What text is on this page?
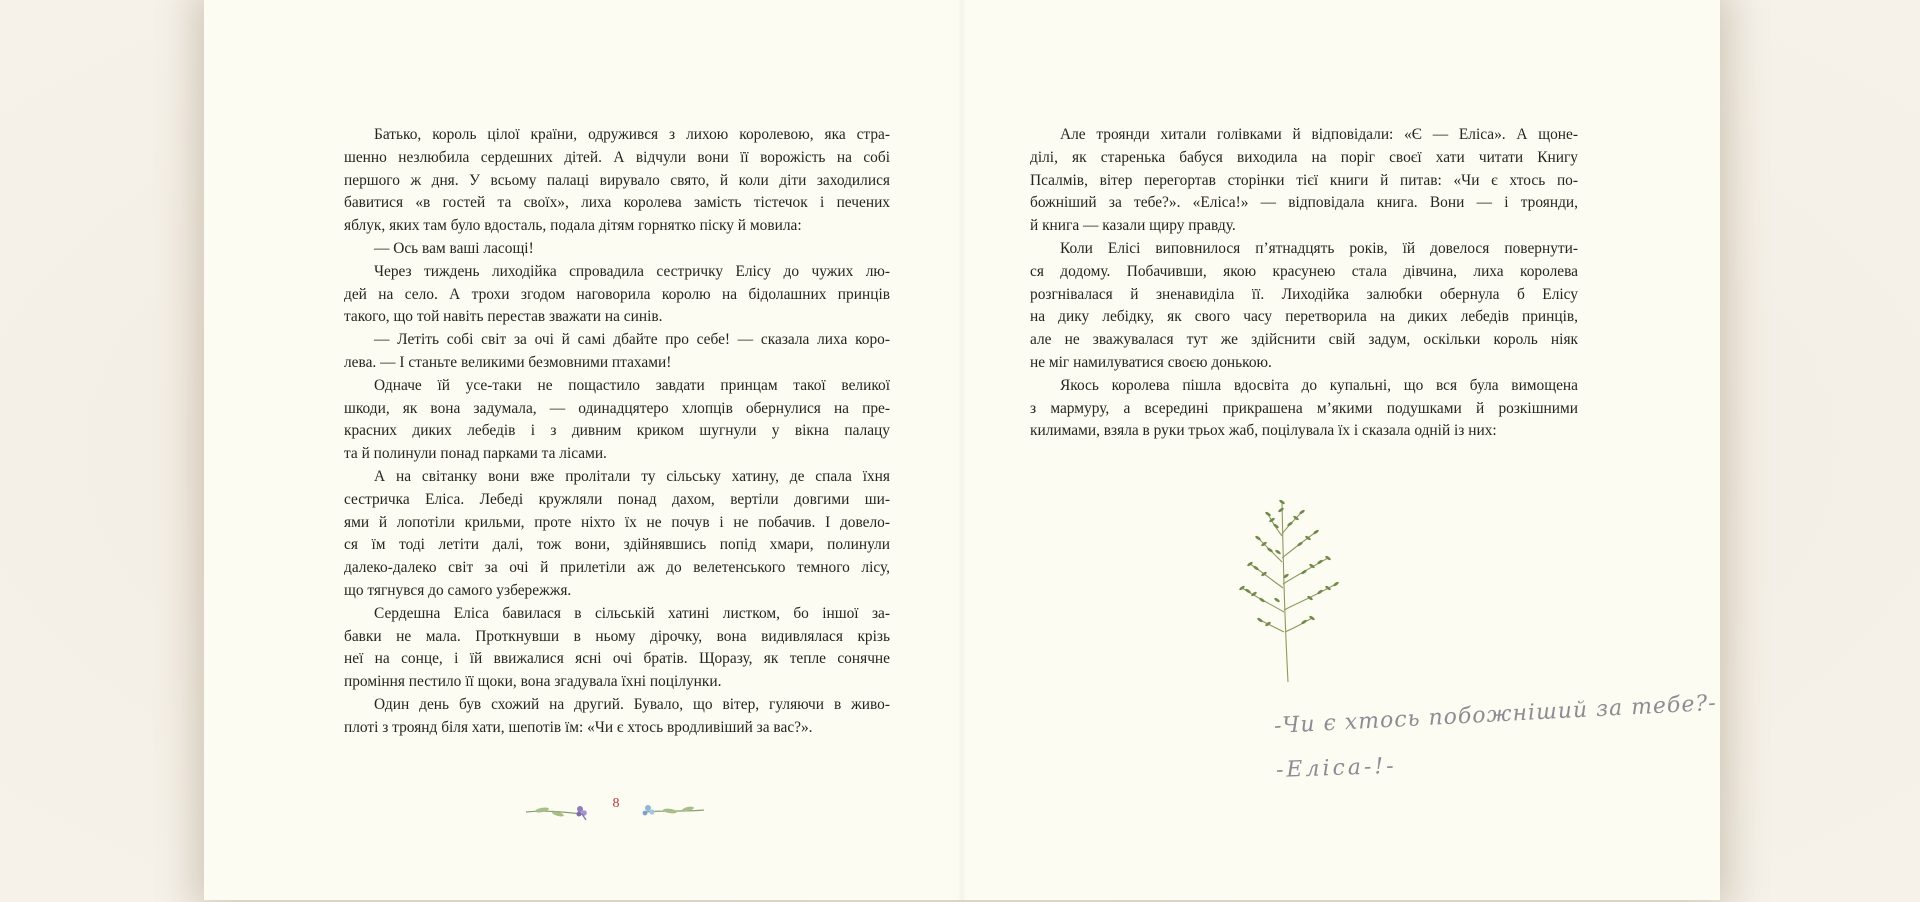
Батько, король цілої країни, одружився з лихою королевою, яка стра-
шенно незлюбила сердешних дітей. А відчули вони її ворожість на собі
першого ж дня. У всьому палаці вирувало свято, й коли діти заходилися
бавитися «в гостей та своїх», лиха королева замість тістечок і печених
яблук, яких там було вдосталь, подала дітям горнятко піску й мовила:
— Ось вам ваші ласощі!
Через тиждень лиходійка спровадила сестричку Елісу до чужих лю-
дей на село. А трохи згодом наговорила королю на бідолашних принців
такого, що той навіть перестав зважати на синів.
— Летіть собі світ за очі й самі дбайте про себе! — сказала лиха коро-
лева. — І станьте великими безмовними птахами!
Одначе їй усе-таки не пощастило завдати принцам такої великої
шкоди, як вона задумала, — одинадцятеро хлопців обернулися на пре-
красних диких лебедів і з дивним криком шугнули у вікна палацу
та й полинули понад парками та лісами.
А на світанку вони вже пролітали ту сільську хатину, де спала їхня
сестричка Еліса. Лебеді кружляли понад дахом, вертіли довгими ши-
ями й лопотіли крильми, проте ніхто їх не почув і не побачив. І довело-
ся їм тоді летіти далі, тож вони, здійнявшись попід хмари, полинули
далеко-далеко світ за очі й прилетіли аж до велетенського темного лісу,
що тягнувся до самого узбережжя.
Сердешна Еліса бавилася в сільській хатині листком, бо іншої за-
бавки не мала. Проткнувши в ньому дірочку, вона видивлялася крізь
неї на сонце, і їй ввижалися ясні очі братів. Щоразу, як тепле сонячне
проміння пестило її щоки, вона згадувала їхні поцілунки.
Один день був схожий на другий. Бувало, що вітер, гуляючи в живо-
плоті з троянд біля хати, шепотів їм: «Чи є хтось вродливіший за вас?».
8
Але троянди хитали голівками й відповідали: «Є — Еліса». А щоне-
ділі, як старенька бабуся виходила на поріг своєї хати читати Книгу
Псалмів, вітер перегортав сторінки тієї книги й питав: «Чи є хтось по-
божніший за тебе?». «Еліса!» — відповідала книга. Вони — і троянди,
й книга — казали щиру правду.
Коли Елісі виповнилося п’ятнадцять років, їй довелося повернути-
ся додому. Побачивши, якою красунею стала дівчина, лиха королева
розгнівалася й зненавиділа її. Лиходійка залюбки обернула б Елісу
на дику лебідку, як свого часу перетворила на диких лебедів принців,
але не зважувалася тут же здійснити свій задум, оскільки король ніяк
не міг намилуватися своєю донькою.
Якось королева пішла вдосвіта до купальні, що вся була вимощена
з мармуру, а всередині прикрашена м’якими подушками й розкішними
килимами, взяла в руки трьох жаб, поцілувала їх і сказала одній із них:
-Чи є хтось побожніший за тебе?-
-Еліса-!-
